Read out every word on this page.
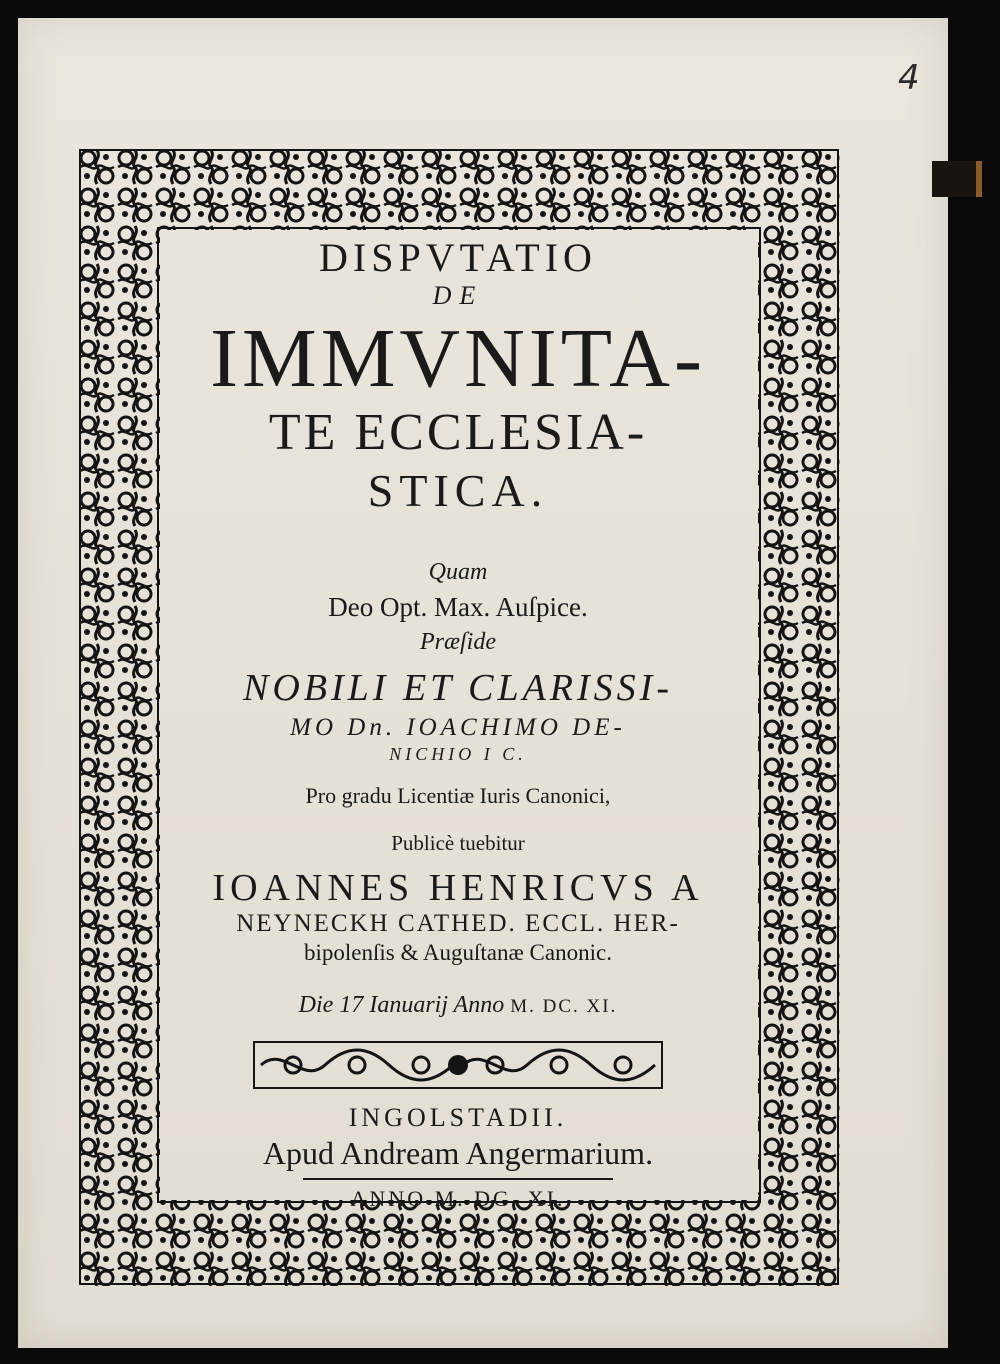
4
DISPVTATIO
DE
IMMVNITA-
TE ECCLESIA-
STICA.
Quam
Deo Opt. Max. Auſpice.
Præſide
NOBILI ET CLARISSI-
MO Dn. IOACHIMO DE-
NICHIO I C.
Pro gradu Licentiæ Iuris Canonici,
Publicè tuebitur
IOANNES HENRICVS A
NEYNECKH CATHED. ECCL. HER-
bipolenſis & Auguſtanæ Canonic.
Die 17 Ianuarij Anno M. DC. XI.
INGOLSTADII.
Apud Andream Angermarium.
ANNO M. DC. XI.
